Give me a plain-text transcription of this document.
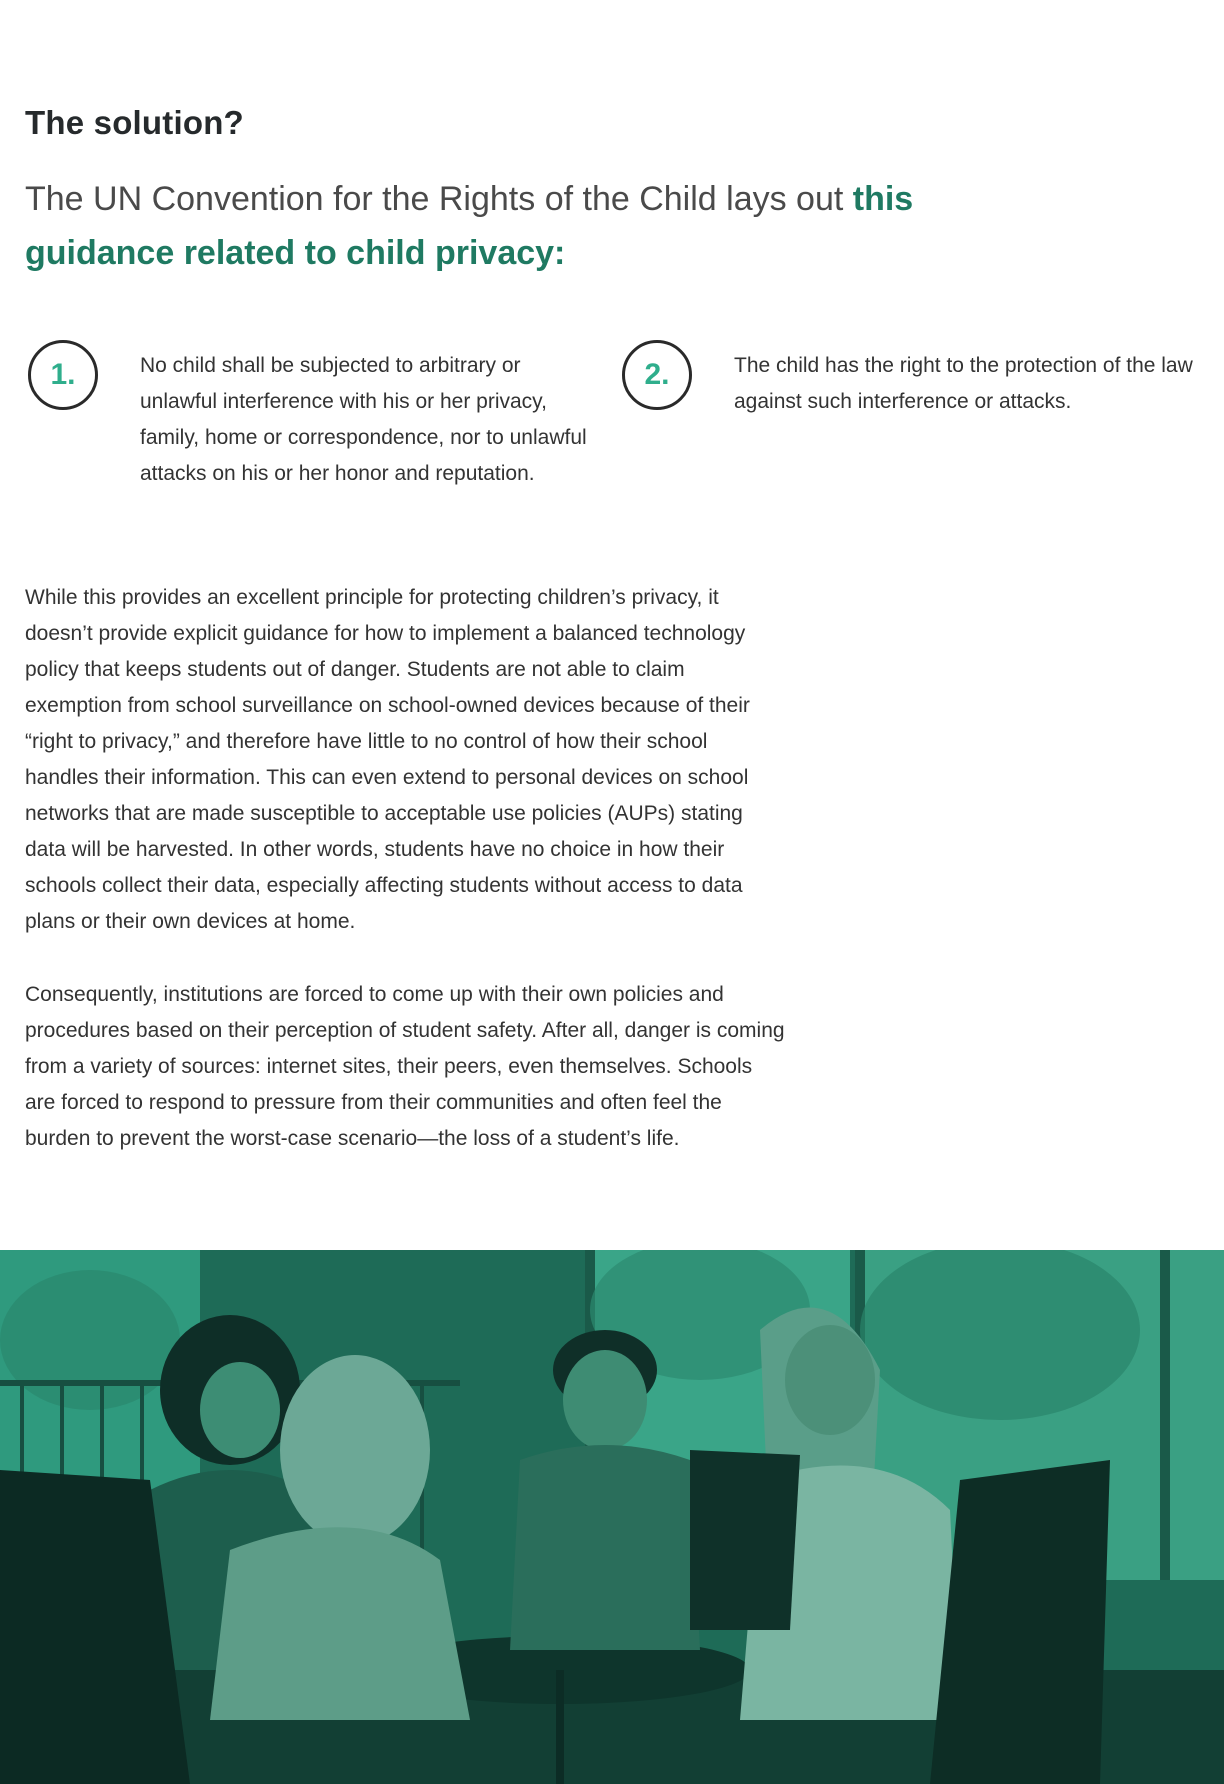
The solution?

The UN Convention for the Rights of the Child lays out this guidance related to child privacy:

1.	No child shall be subjected to arbitrary or unlawful interference with his or her privacy, family, home or correspondence, nor to unlawful attacks on his or her honor and reputation.

2.	The child has the right to the protection of the law against such interference or attacks.

While this provides an excellent principle for protecting children’s privacy, it doesn’t provide explicit guidance for how to implement a balanced technology policy that keeps students out of danger. Students are not able to claim exemption from school surveillance on school-owned devices because of their “right to privacy,” and therefore have little to no control of how their school handles their information. This can even extend to personal devices on school networks that are made susceptible to acceptable use policies (AUPs) stating data will be harvested. In other words, students have no choice in how their schools collect their data, especially affecting students without access to data plans or their own devices at home.

Consequently, institutions are forced to come up with their own policies and procedures based on their perception of student safety. After all, danger is coming from a variety of sources: internet sites, their peers, even themselves. Schools are forced to respond to pressure from their communities and often feel the burden to prevent the worst-case scenario—the loss of a student’s life.
